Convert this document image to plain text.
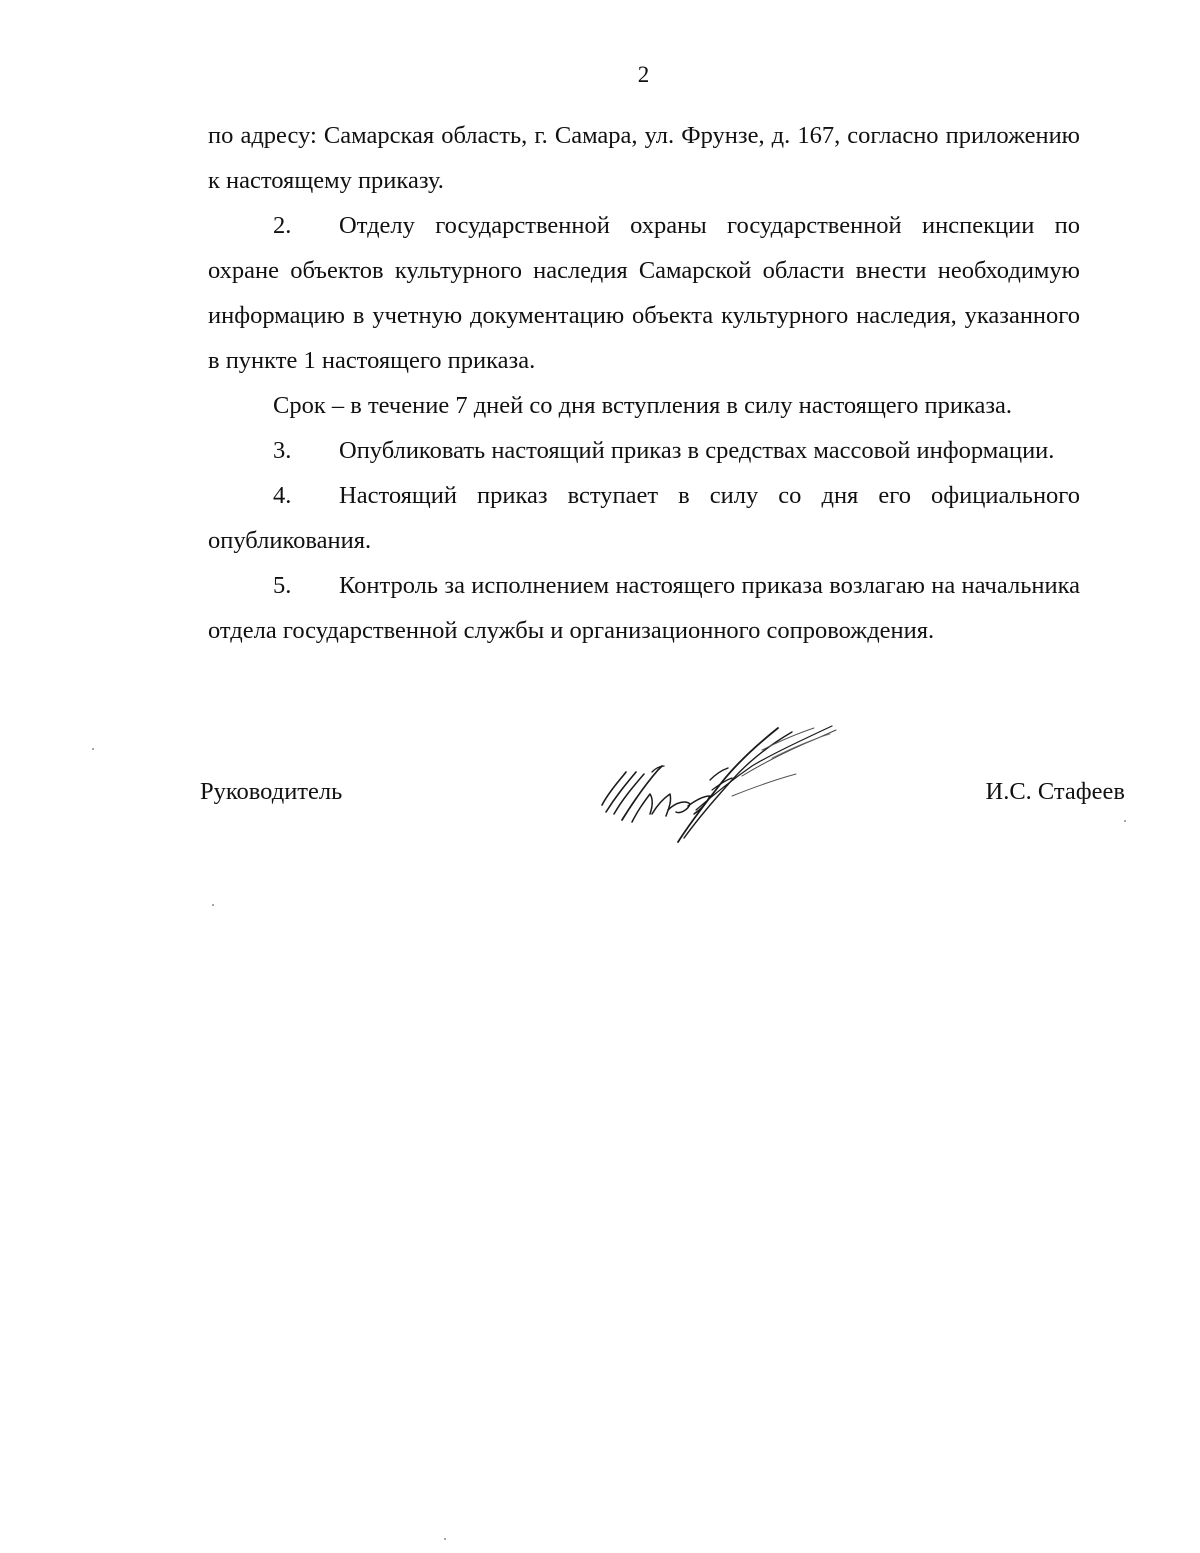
2

по адресу: Самарская область, г. Самара, ул. Фрунзе, д. 167, согласно приложению к настоящему приказу.

2. Отделу государственной охраны государственной инспекции по охране объектов культурного наследия Самарской области внести необходимую информацию в учетную документацию объекта культурного наследия, указанного в пункте 1 настоящего приказа.

Срок – в течение 7 дней со дня вступления в силу настоящего приказа.

3. Опубликовать настоящий приказ в средствах массовой информации.

4. Настоящий приказ вступает в силу со дня его официального опубликования.

5. Контроль за исполнением настоящего приказа возлагаю на начальника отдела государственной службы и организационного сопровождения.

Руководитель	И.С. Стафеев
